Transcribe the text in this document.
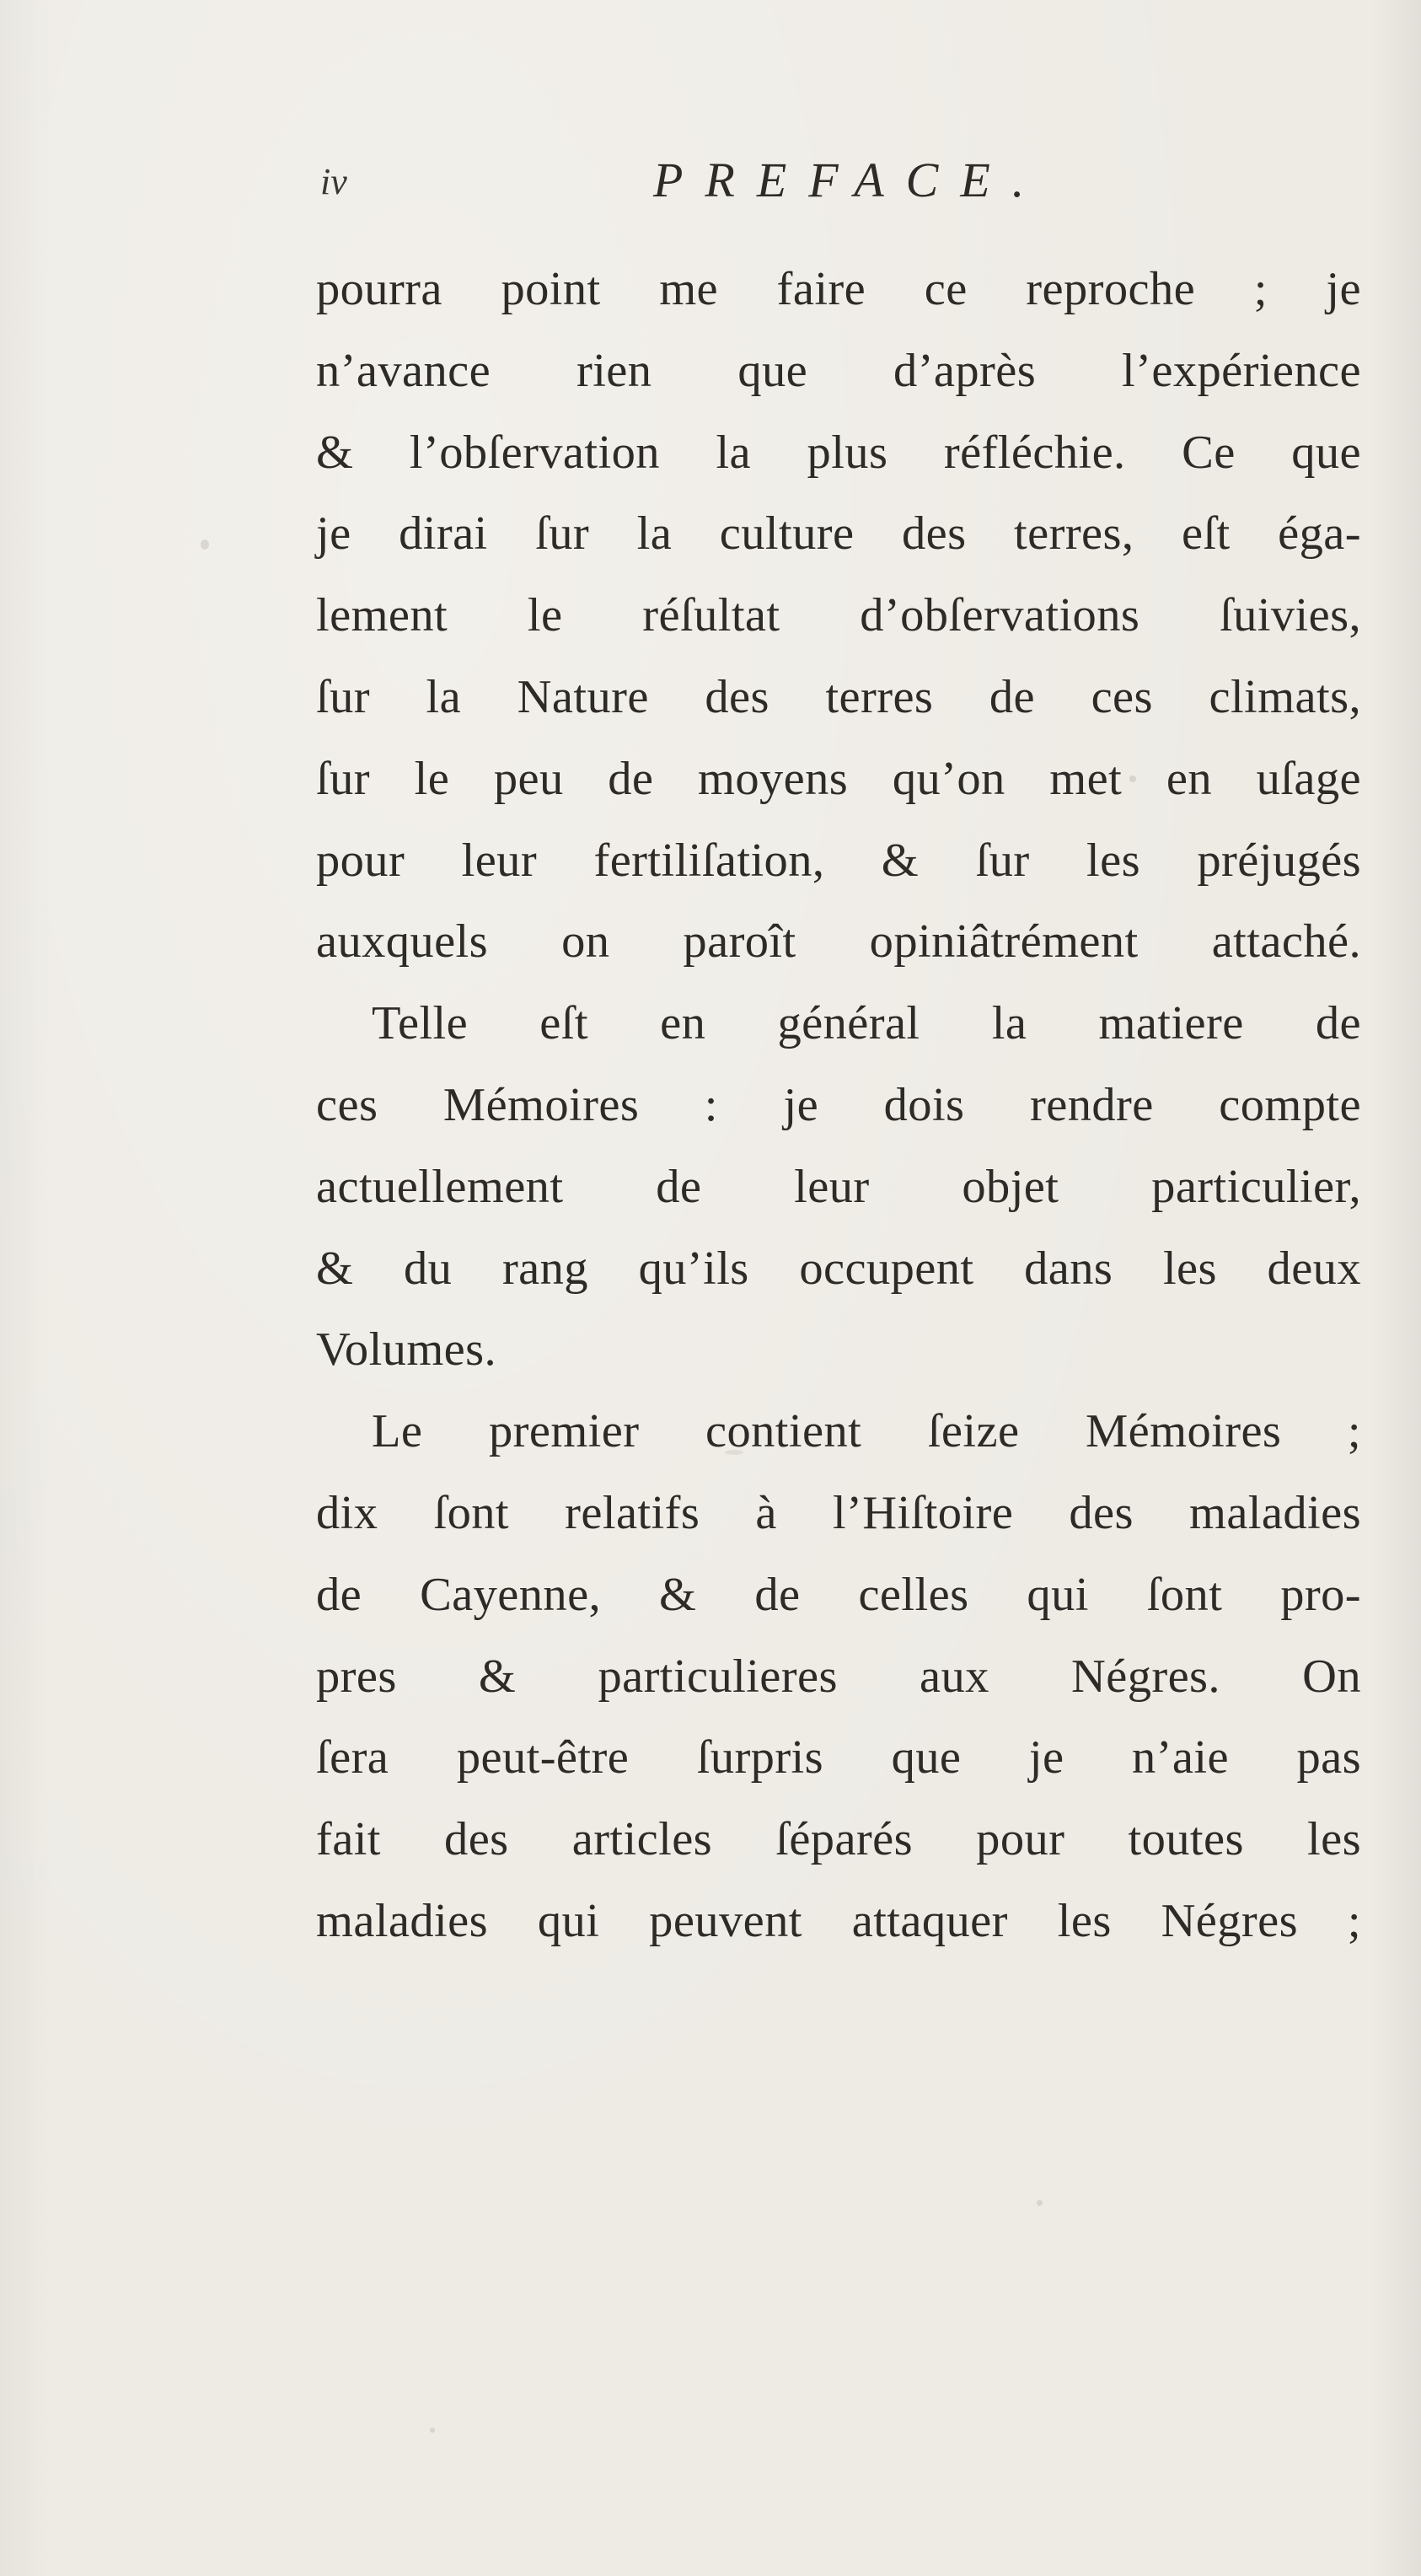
iv	PREFACE.
pourra point me faire ce reproche ; je
n’avance rien que d’après l’expérience
& l’obſervation la plus réfléchie. Ce que
je dirai ſur la culture des terres, eſt éga-
lement le réſultat d’obſervations ſuivies,
ſur la Nature des terres de ces climats,
ſur le peu de moyens qu’on met en uſage
pour leur fertiliſation, & ſur les préjugés
auxquels on paroît opiniâtrément attaché.
Telle eſt en général la matiere de
ces Mémoires : je dois rendre compte
actuellement de leur objet particulier,
& du rang qu’ils occupent dans les deux
Volumes.
Le premier contient ſeize Mémoires ;
dix ſont relatifs à l’Hiſtoire des maladies
de Cayenne, & de celles qui ſont pro-
pres & particulieres aux Négres. On
ſera peut-être ſurpris que je n’aie pas
fait des articles ſéparés pour toutes les
maladies qui peuvent attaquer les Négres ;
